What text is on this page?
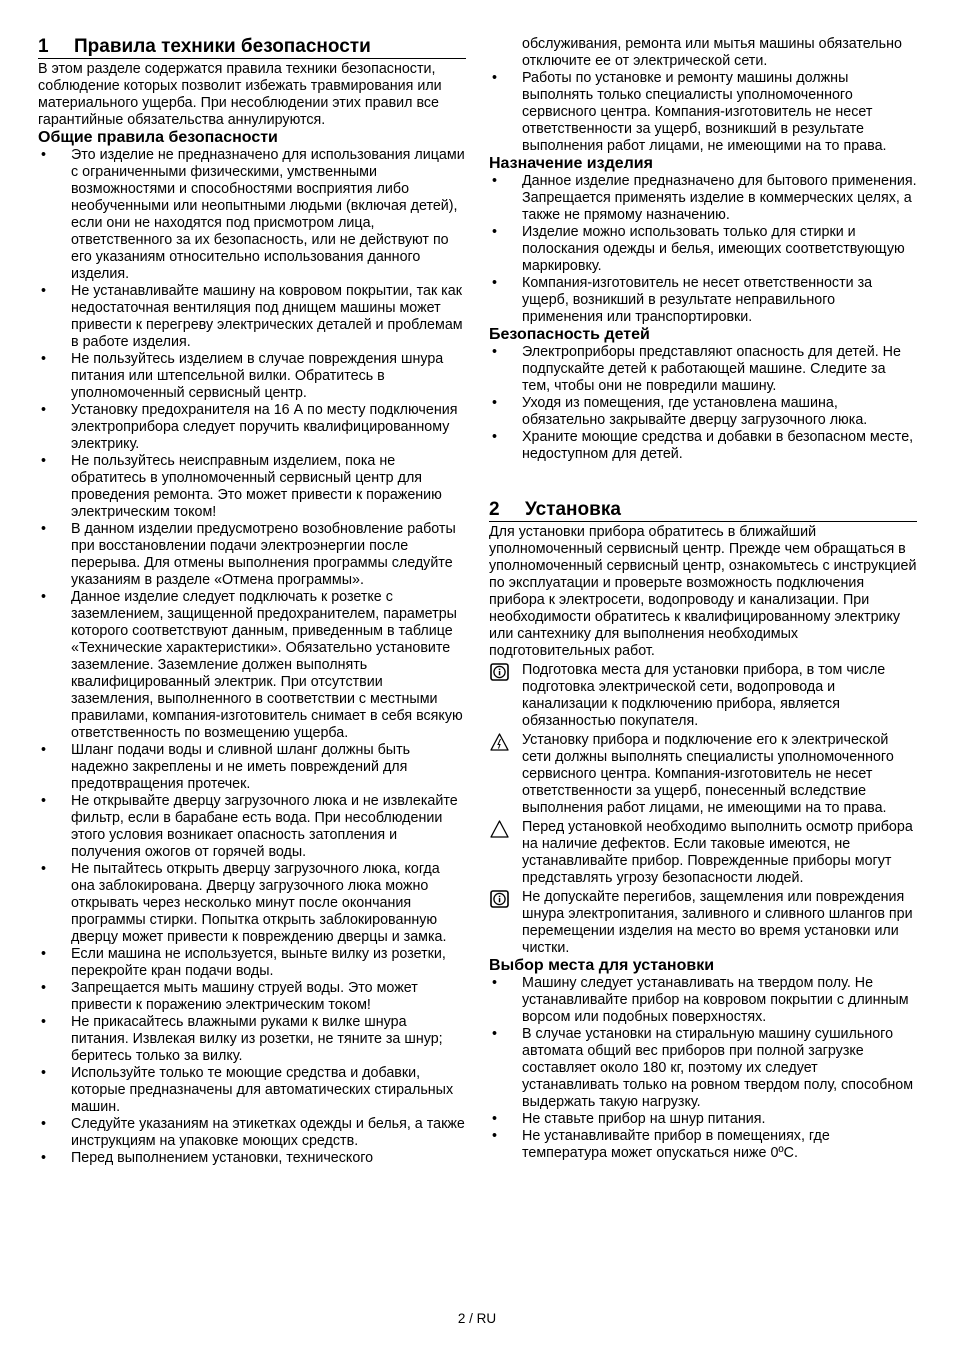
1 Правила техники безопасности

В этом разделе содержатся правила техники безопасности, соблюдение которых позволит избежать травмирования или материального ущерба. При несоблюдении этих правил все гарантийные обязательства аннулируются.

Общие правила безопасности
• Это изделие не предназначено для использования лицами с ограниченными физическими, умственными возможностями и способностями восприятия либо необученными или неопытными людьми (включая детей), если они не находятся под присмотром лица, ответственного за их безопасность, или не действуют по его указаниям относительно использования данного изделия.
• Не устанавливайте машину на ковровом покрытии, так как недостаточная вентиляция под днищем машины может привести к перегреву электрических деталей и проблемам в работе изделия.
• Не пользуйтесь изделием в случае повреждения шнура питания или штепсельной вилки. Обратитесь в уполномоченный сервисный центр.
• Установку предохранителя на 16 А по месту подключения электроприбора следует поручить квалифицированному электрику.
• Не пользуйтесь неисправным изделием, пока не обратитесь в уполномоченный сервисный центр для проведения ремонта. Это может привести к поражению электрическим током!
• В данном изделии предусмотрено возобновление работы при восстановлении подачи электроэнергии после перерыва. Для отмены выполнения программы следуйте указаниям в разделе «Отмена программы».
• Данное изделие следует подключать к розетке с заземлением, защищенной предохранителем, параметры которого соответствуют данным, приведенным в таблице «Технические характеристики». Обязательно установите заземление. Заземление должен выполнять квалифицированный электрик. При отсутствии заземления, выполненного в соответствии с местными правилами, компания-изготовитель снимает в себя всякую ответственность по возмещению ущерба.
• Шланг подачи воды и сливной шланг должны быть надежно закреплены и не иметь повреждений для предотвращения протечек.
• Не открывайте дверцу загрузочного люка и не извлекайте фильтр, если в барабане есть вода. При несоблюдении этого условия возникает опасность затопления и получения ожогов от горячей воды.
• Не пытайтесь открыть дверцу загрузочного люка, когда она заблокирована. Дверцу загрузочного люка можно открывать через несколько минут после окончания программы стирки. Попытка открыть заблокированную дверцу может привести к повреждению дверцы и замка.
• Если машина не используется, выньте вилку из розетки, перекройте кран подачи воды.
• Запрещается мыть машину струей воды. Это может привести к поражению электрическим током!
• Не прикасайтесь влажными руками к вилке шнура питания. Извлекая вилку из розетки, не тяните за шнур; беритесь только за вилку.
• Используйте только те моющие средства и добавки, которые предназначены для автоматических стиральных машин.
• Следуйте указаниям на этикетках одежды и белья, а также инструкциям на упаковке моющих средств.
• Перед выполнением установки, технического

обслуживания, ремонта или мытья машины обязательно отключите ее от электрической сети.

• Работы по установке и ремонту машины должны выполнять только специалисты уполномоченного сервисного центра. Компания-изготовитель не несет ответственности за ущерб, возникший в результате выполнения работ лицами, не имеющими на то права.
Назначение изделия
• Данное изделие предназначено для бытового применения. Запрещается применять изделие в коммерческих целях, а также не прямому назначению.
• Изделие можно использовать только для стирки и полоскания одежды и белья, имеющих соответствующую маркировку.
• Компания-изготовитель не несет ответственности за ущерб, возникший в результате неправильного применения или транспортировки.
Безопасность детей
• Электроприборы представляют опасность для детей. Не подпускайте детей к работающей машине. Следите за тем, чтобы они не повредили машину.
• Уходя из помещения, где установлена машина, обязательно закрывайте дверцу загрузочного люка.
• Храните моющие средства и добавки в безопасном месте, недоступном для детей.
2 Установка

Для установки прибора обратитесь в ближайший уполномоченный сервисный центр. Прежде чем обращаться в уполномоченный сервисный центр, ознакомьтесь с инструкцией по эксплуатации и проверьте возможность подключения прибора к электросети, водопроводу и канализации. При необходимости обратитесь к квалифицированному электрику или сантехнику для выполнения необходимых подготовительных работ.

Подготовка места для установки прибора, в том числе подготовка электрической сети, водопровода и канализации к подключению прибора, является обязанностью покупателя.
Установку прибора и подключение его к электрической сети должны выполнять специалисты уполномоченного сервисного центра. Компания-изготовитель не несет ответственности за ущерб, понесенный вследствие выполнения работ лицами, не имеющими на то права.
Перед установкой необходимо выполнить осмотр прибора на наличие дефектов. Если таковые имеются, не устанавливайте прибор. Поврежденные приборы могут представлять угрозу безопасности людей.
Не допускайте перегибов, защемления или повреждения шнура электропитания, заливного и сливного шлангов при перемещении изделия на место во время установки или чистки.
Выбор места для установки
• Машину следует устанавливать на твердом полу. Не устанавливайте прибор на ковровом покрытии с длинным ворсом или подобных поверхностях.
• В случае установки на стиральную машину сушильного автомата общий вес приборов при полной загрузке составляет около 180 кг, поэтому их следует устанавливать только на ровном твердом полу, способном выдержать такую нагрузку.
• Не ставьте прибор на шнур питания.
• Не устанавливайте прибор в помещениях, где температура может опускаться ниже 0ºC.
2 / RU
